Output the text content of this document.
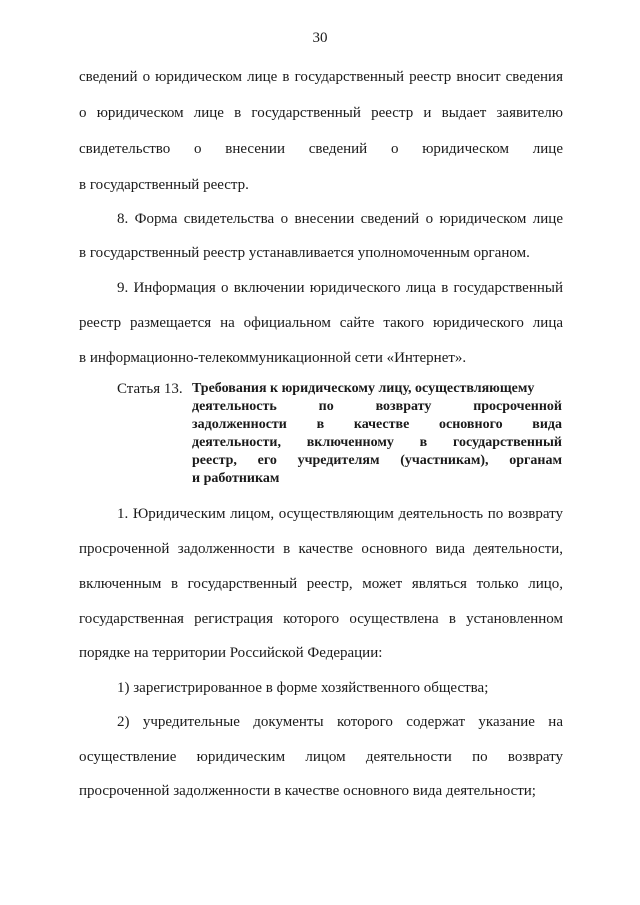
30
сведений о юридическом лице в государственный реестр вносит сведения
о юридическом лице в государственный реестр и выдает заявителю
свидетельство о внесении сведений о юридическом лице
в государственный реестр.
8. Форма свидетельства о внесении сведений о юридическом лице
в государственный реестр устанавливается уполномоченным органом.
9. Информация о включении юридического лица в государственный
реестр размещается на официальном сайте такого юридического лица
в информационно-телекоммуникационной сети «Интернет».
Статья 13. Требования к юридическому лицу, осуществляющему
деятельность по возврату просроченной
задолженности в качестве основного вида
деятельности, включенному в государственный
реестр, его учредителям (участникам), органам
и работникам
1. Юридическим лицом, осуществляющим деятельность по возврату
просроченной задолженности в качестве основного вида деятельности,
включенным в государственный реестр, может являться только лицо,
государственная регистрация которого осуществлена в установленном
порядке на территории Российской Федерации:
1) зарегистрированное в форме хозяйственного общества;
2) учредительные документы которого содержат указание на
осуществление юридическим лицом деятельности по возврату
просроченной задолженности в качестве основного вида деятельности;
